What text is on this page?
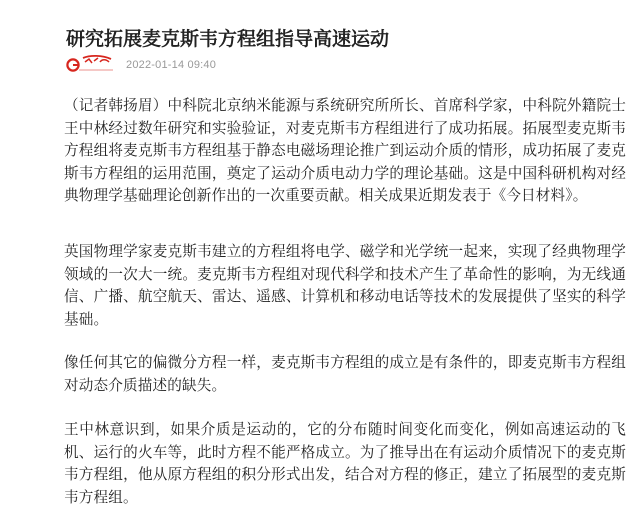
研究拓展麦克斯韦方程组指导高速运动
2022-01-14 09:40

（记者韩扬眉）中科院北京纳米能源与系统研究所所长、首席科学家，中科院外籍院士王中林经过数年研究和实验验证，对麦克斯韦方程组进行了成功拓展。拓展型麦克斯韦方程组将麦克斯韦方程组基于静态电磁场理论推广到运动介质的情形，成功拓展了麦克斯韦方程组的运用范围，奠定了运动介质电动力学的理论基础。这是中国科研机构对经典物理学基础理论创新作出的一次重要贡献。相关成果近期发表于《今日材料》。

英国物理学家麦克斯韦建立的方程组将电学、磁学和光学统一起来，实现了经典物理学领域的一次大一统。麦克斯韦方程组对现代科学和技术产生了革命性的影响，为无线通信、广播、航空航天、雷达、遥感、计算机和移动电话等技术的发展提供了坚实的科学基础。

像任何其它的偏微分方程一样，麦克斯韦方程组的成立是有条件的，即麦克斯韦方程组对动态介质描述的缺失。

王中林意识到，如果介质是运动的，它的分布随时间变化而变化，例如高速运动的飞机、运行的火车等，此时方程不能严格成立。为了推导出在有运动介质情况下的麦克斯韦方程组，他从原方程组的积分形式出发，结合对方程的修正，建立了拓展型的麦克斯韦方程组。
